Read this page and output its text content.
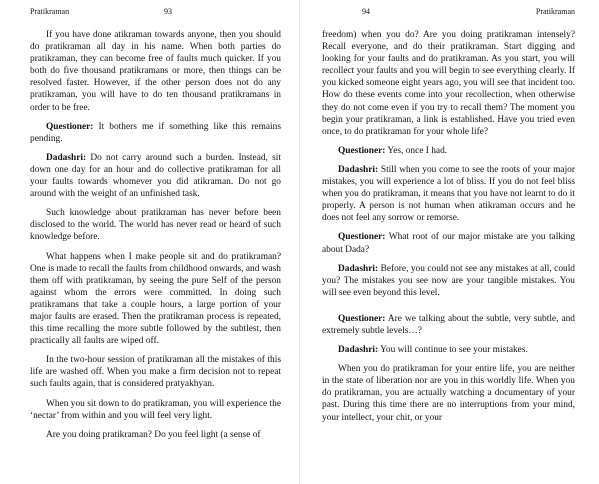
Pratikraman	93

If you have done atikraman towards anyone, then you should do pratikraman all day in his name. When both parties do pratikraman, they can become free of faults much quicker. If you both do five thousand pratikramans or more, then things can be resolved faster. However, if the other person does not do any pratikraman, you will have to do ten thousand pratikramans in order to be free.

Questioner: It bothers me if something like this remains pending.

Dadashri: Do not carry around such a burden. Instead, sit down one day for an hour and do collective pratikraman for all your faults towards whomever you did atikraman. Do not go around with the weight of an unfinished task.

Such knowledge about pratikraman has never before been disclosed to the world. The world has never read or heard of such knowledge before.

What happens when I make people sit and do pratikraman? One is made to recall the faults from childhood onwards, and wash them off with pratikraman, by seeing the pure Self of the person against whom the errors were committed. In doing such pratikramans that take a couple hours, a large portion of your major faults are erased. Then the pratikraman process is repeated, this time recalling the more subtle followed by the subtlest, then practically all faults are wiped off.

In the two-hour session of pratikraman all the mistakes of this life are washed off. When you make a firm decision not to repeat such faults again, that is considered pratyakhyan.

When you sit down to do pratikraman, you will experience the ‘nectar’ from within and you will feel very light.

Are you doing pratikraman? Do you feel light (a sense of

94	Pratikraman

freedom) when you do? Are you doing pratikraman intensely? Recall everyone, and do their pratikraman. Start digging and looking for your faults and do pratikraman. As you start, you will recollect your faults and you will begin to see everything clearly. If you kicked someone eight years ago, you will see that incident too. How do these events come into your recollection, when otherwise they do not come even if you try to recall them? The moment you begin your pratikraman, a link is established. Have you tried even once, to do pratikraman for your whole life?

Questioner: Yes, once I had.

Dadashri: Still when you come to see the roots of your major mistakes, you will experience a lot of bliss. If you do not feel bliss when you do pratikraman, it means that you have not learnt to do it properly. A person is not human when atikraman occurs and he does not feel any sorrow or remorse.

Questioner: What root of our major mistake are you talking about Dada?

Dadashri: Before, you could not see any mistakes at all, could you? The mistakes you see now are your tangible mistakes. You will see even beyond this level.

Questioner: Are we talking about the subtle, very subtle, and extremely subtle levels…?

Dadashri: You will continue to see your mistakes.

When you do pratikraman for your entire life, you are neither in the state of liberation nor are you in this worldly life. When you do pratikraman, you are actually watching a documentary of your past. During this time there are no interruptions from your mind, your intellect, your chit, or your
